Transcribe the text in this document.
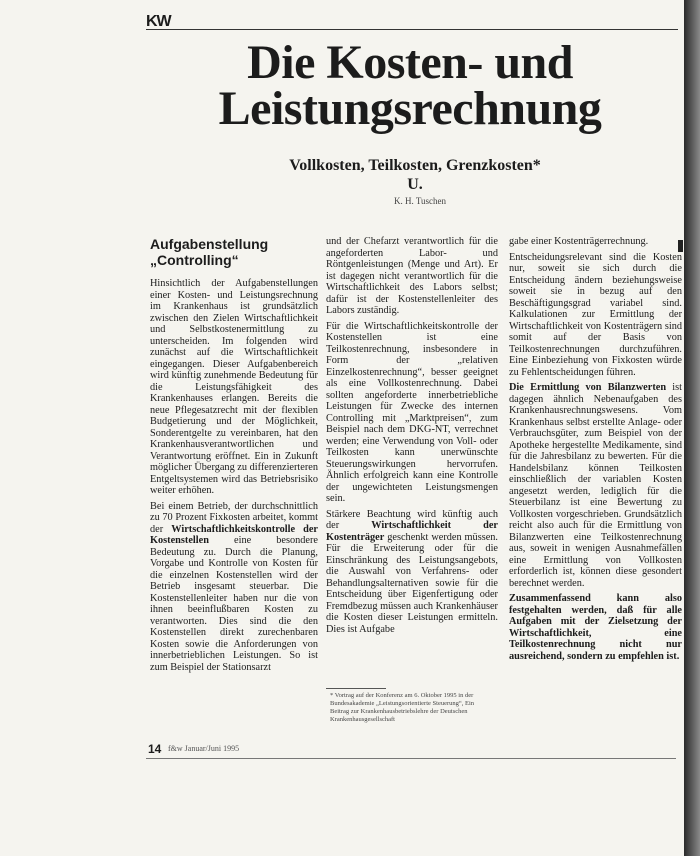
KW
Die Kosten- und
Leistungsrechnung
Vollkosten, Teilkosten, Grenzkosten*
U.
K. H. Tuschen
Aufgabenstellung
„Controlling“

Hinsichtlich der Aufgabenstellungen einer Kosten- und Leistungsrechnung im Krankenhaus ist grundsätzlich zwischen den Zielen Wirtschaftlichkeit und Selbstkostenermittlung zu unterscheiden. Im folgenden wird zunächst auf die Wirtschaftlichkeit eingegangen. Dieser Aufgabenbereich wird künftig zunehmende Bedeutung für die Leistungsfähigkeit des Krankenhauses erlangen. Bereits die neue Pflegesatzrecht mit der flexiblen Budgetierung und der Möglichkeit, Sonderentgelte zu vereinbaren, hat den Krankenhausverantwortlichen und Verantwortung eröffnet. Ein in Zukunft möglicher Übergang zu differenzierteren Entgeltsystemen wird das Betriebsrisiko weiter erhöhen.

Bei einem Betrieb, der durchschnittlich zu 70 Prozent Fixkosten arbeitet, kommt der Wirtschaftlichkeitskontrolle der Kostenstellen eine besondere Bedeutung zu. Durch die Planung, Vorgabe und Kontrolle von Kosten für die einzelnen Kostenstellen wird der Betrieb insgesamt steuerbar. Die Kostenstellenleiter haben nur die von ihnen beeinflußbaren Kosten zu verantworten. Dies sind die den Kostenstellen direkt zurechenbaren Kosten sowie die Anforderungen von innerbetrieblichen Leistungen. So ist zum Beispiel der Stationsarzt

und der Chefarzt verantwortlich für die angeforderten Labor- und Röntgenleistungen (Menge und Art). Er ist dagegen nicht verantwortlich für die Wirtschaftlichkeit des Labors selbst; dafür ist der Kostenstellenleiter des Labors zuständig.

Für die Wirtschaftlichkeitskontrolle der Kostenstellen ist eine Teilkostenrechnung, insbesondere in Form der „relativen Einzelkostenrechnung“, besser geeignet als eine Vollkostenrechnung. Dabei sollten angeforderte innerbetriebliche Leistungen für Zwecke des internen Controlling mit „Marktpreisen“, zum Beispiel nach dem DKG-NT, verrechnet werden; eine Verwendung von Voll- oder Teilkosten kann unerwünschte Steuerungswirkungen hervorrufen. Ähnlich erfolgreich kann eine Kontrolle der ungewichteten Leistungsmengen sein.

Stärkere Beachtung wird künftig auch der	Wirtschaftlichkeit der Kostenträger geschenkt werden müssen. Für die Erweiterung oder für die Einschränkung des Leistungsangebots, die Auswahl von Verfahrens- oder Behandlungsalternativen sowie für die Entscheidung über Eigenfertigung oder Fremdbezug müssen auch Krankenhäuser die Kosten dieser Leistungen ermitteln. Dies ist Aufgabe

* Vortrag auf der Konferenz am 6. Oktober 1995 in der Bundesakademie „Leistungsorientierte Steuerung“, Ein Beitrag zur Krankenhausbetriebslehre der Deutschen Krankenhausgesellschaft

gabe einer Kostenträgerrechnung.

Entscheidungsrelevant sind die Kosten nur, soweit sie sich durch die Entscheidung ändern beziehungsweise soweit sie in bezug auf den Beschäftigungsgrad variabel sind. Kalkulationen zur Ermittlung der Wirtschaftlichkeit von Kostenträgern sind somit auf der Basis von Teilkostenrechnungen durchzuführen. Eine Einbeziehung von Fixkosten würde zu Fehlentscheidungen führen.

Die Ermittlung von Bilanzwerten ist dagegen ähnlich Nebenaufgaben des Krankenhausrechnungswesens. Vom Krankenhaus selbst erstellte Anlage- oder Verbrauchsgüter, zum Beispiel von der Apotheke hergestellte Medikamente, sind für die Jahresbilanz zu bewerten. Für die Handelsbilanz können Teilkosten einschließlich der variablen Kosten angesetzt werden, lediglich für die Steuerbilanz ist eine Bewertung zu Vollkosten vorgeschrieben. Grundsätzlich reicht also auch für die Ermittlung von Bilanzwerten eine Teilkostenrechnung aus, soweit in wenigen Ausnahmefällen eine Ermittlung von Vollkosten erforderlich ist, können diese gesondert berechnet werden.

Zusammenfassend kann also festgehalten werden, daß für alle Aufgaben mit der Zielsetzung der Wirtschaftlichkeit, eine Teilkostenrechnung nicht nur ausreichend, sondern zu empfehlen ist.

14 f&w Januar/Juni 1995
